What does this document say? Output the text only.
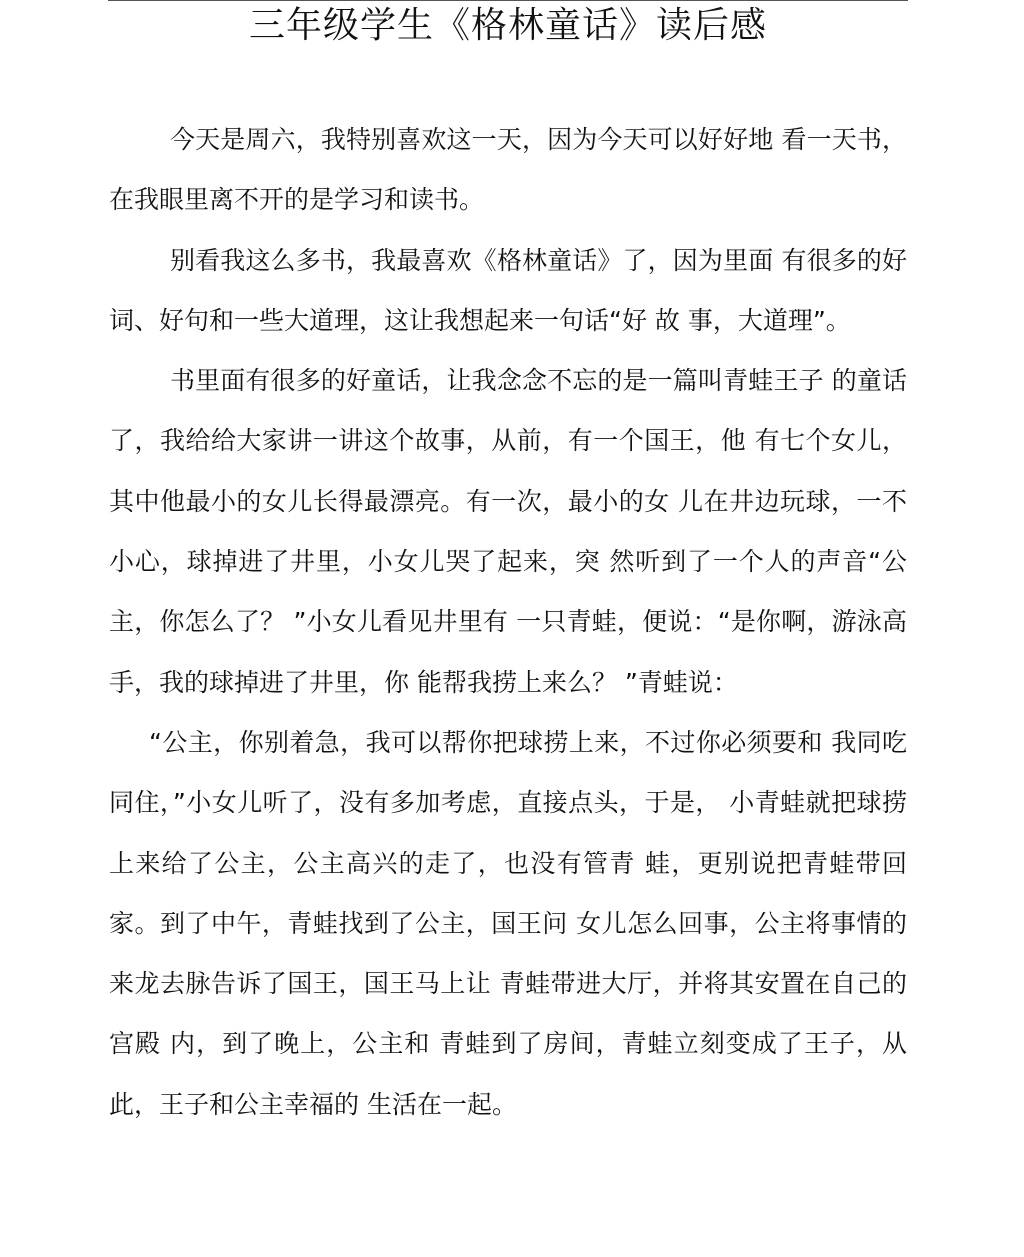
三年级学生《格林童话》读后感

今天是周六，我特别喜欢这一天，因为今天可以好好地 看一天书，在我眼里离不开的是学习和读书。

别看我这么多书，我最喜欢《格林童话》了，因为里面 有很多的好词、好句和一些大道理，这让我想起来一句话“好 故 事，大道理”。

书里面有很多的好童话，让我念念不忘的是一篇叫青蛙王子 的童话了，我给给大家讲一讲这个故事，从前，有一个国王，他 有七个女儿，其中他最小的女儿长得最漂亮。有一次，最小的女 儿在井边玩球，一不小心，球掉进了井里，小女儿哭了起来，突 然听到了一个人的声音“公主，你怎么了？ ”小女儿看见井里有 一只青蛙，便说：“是你啊，游泳高手，我的球掉进了井里，你 能帮我捞上来么？ ”青蛙说：

“公主，你别着急，我可以帮你把球捞上来，不过你必须要和 我同吃同住，”小女儿听了，没有多加考虑，直接点头，于是， 小青蛙就把球捞上来给了公主，公主高兴的走了，也没有管青 蛙，更别说把青蛙带回家。到了中午，青蛙找到了公主，国王问 女儿怎么回事，公主将事情的来龙去脉告诉了国王，国王马上让 青蛙带进大厅，并将其安置在自己的宫殿 内，到了晚上，公主和 青蛙到了房间，青蛙立刻变成了王子，从此，王子和公主幸福的 生活在一起。
